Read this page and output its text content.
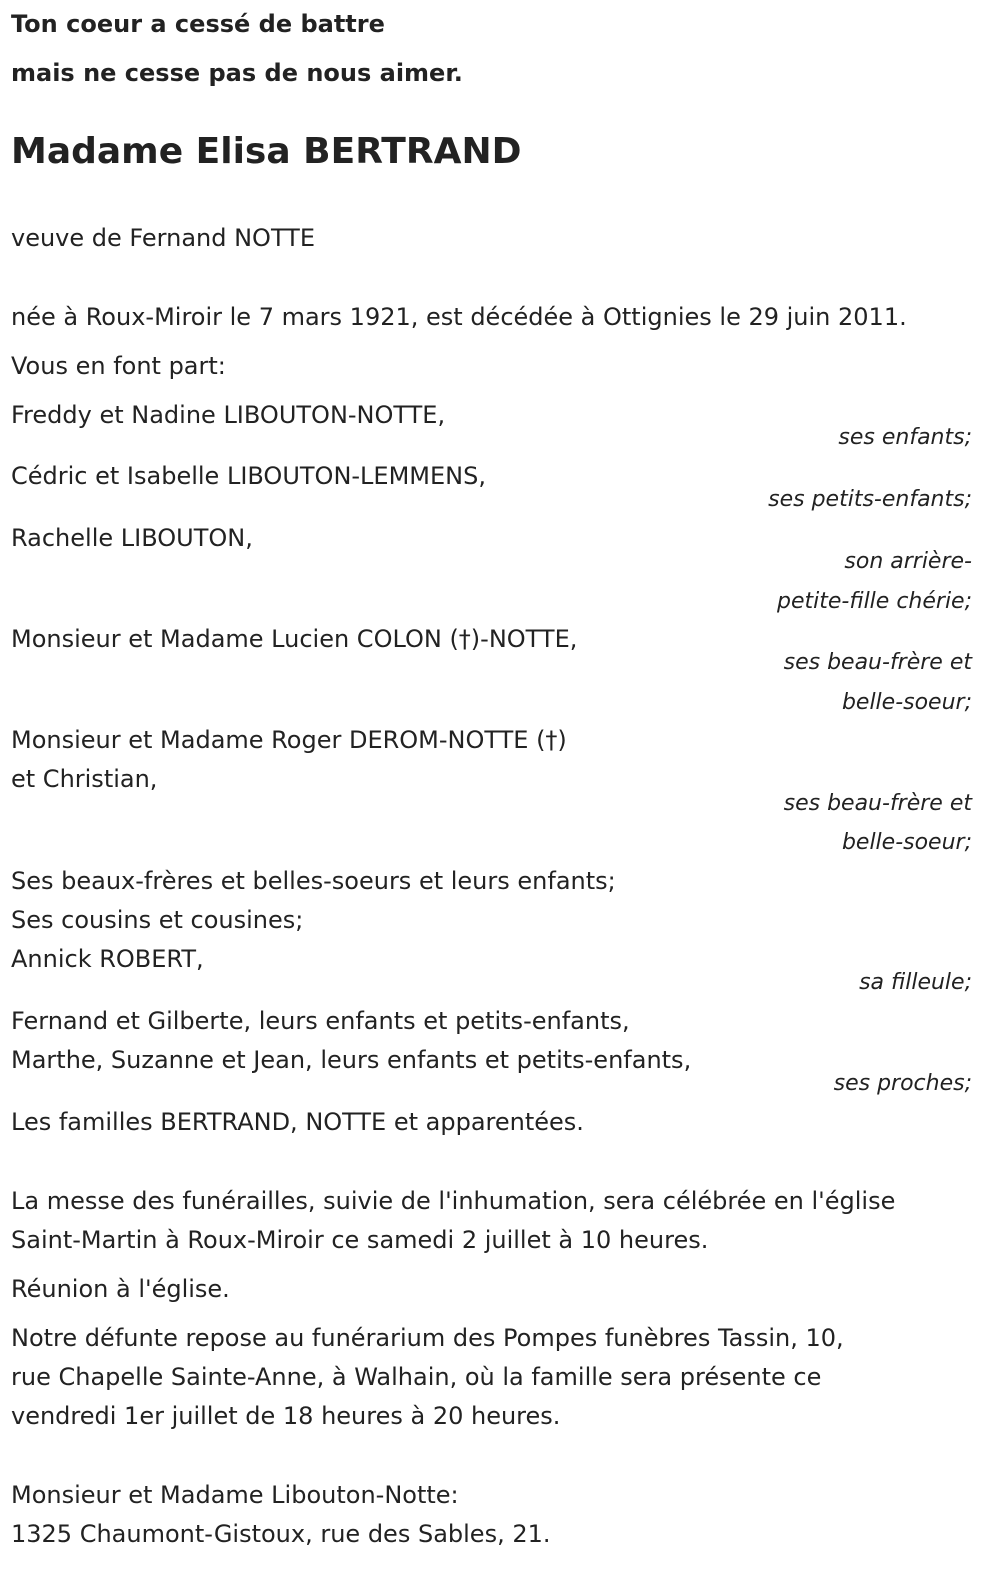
Ton coeur a cessé de battre
mais ne cesse pas de nous aimer.
Madame Elisa BERTRAND
veuve de Fernand NOTTE
née à Roux-Miroir le 7 mars 1921, est décédée à Ottignies le 29 juin 2011.
Vous en font part:
Freddy et Nadine LIBOUTON-NOTTE,
ses enfants;
Cédric et Isabelle LIBOUTON-LEMMENS,
ses petits-enfants;
Rachelle LIBOUTON,
son arrière-
petite-fille chérie;
Monsieur et Madame Lucien COLON (†)-NOTTE,
ses beau-frère et
belle-soeur;
Monsieur et Madame Roger DEROM-NOTTE (†)
et Christian,
ses beau-frère et
belle-soeur;
Ses beaux-frères et belles-soeurs et leurs enfants;
Ses cousins et cousines;
Annick ROBERT,
sa filleule;
Fernand et Gilberte, leurs enfants et petits-enfants,
Marthe, Suzanne et Jean, leurs enfants et petits-enfants,
ses proches;
Les familles BERTRAND, NOTTE et apparentées.
La messe des funérailles, suivie de l'inhumation, sera célébrée en l'église
Saint-Martin à Roux-Miroir ce samedi 2 juillet à 10 heures.
Réunion à l'église.
Notre défunte repose au funérarium des Pompes funèbres Tassin, 10,
rue Chapelle Sainte-Anne, à Walhain, où la famille sera présente ce
vendredi 1er juillet de 18 heures à 20 heures.
Monsieur et Madame Libouton-Notte:
1325 Chaumont-Gistoux, rue des Sables, 21.
